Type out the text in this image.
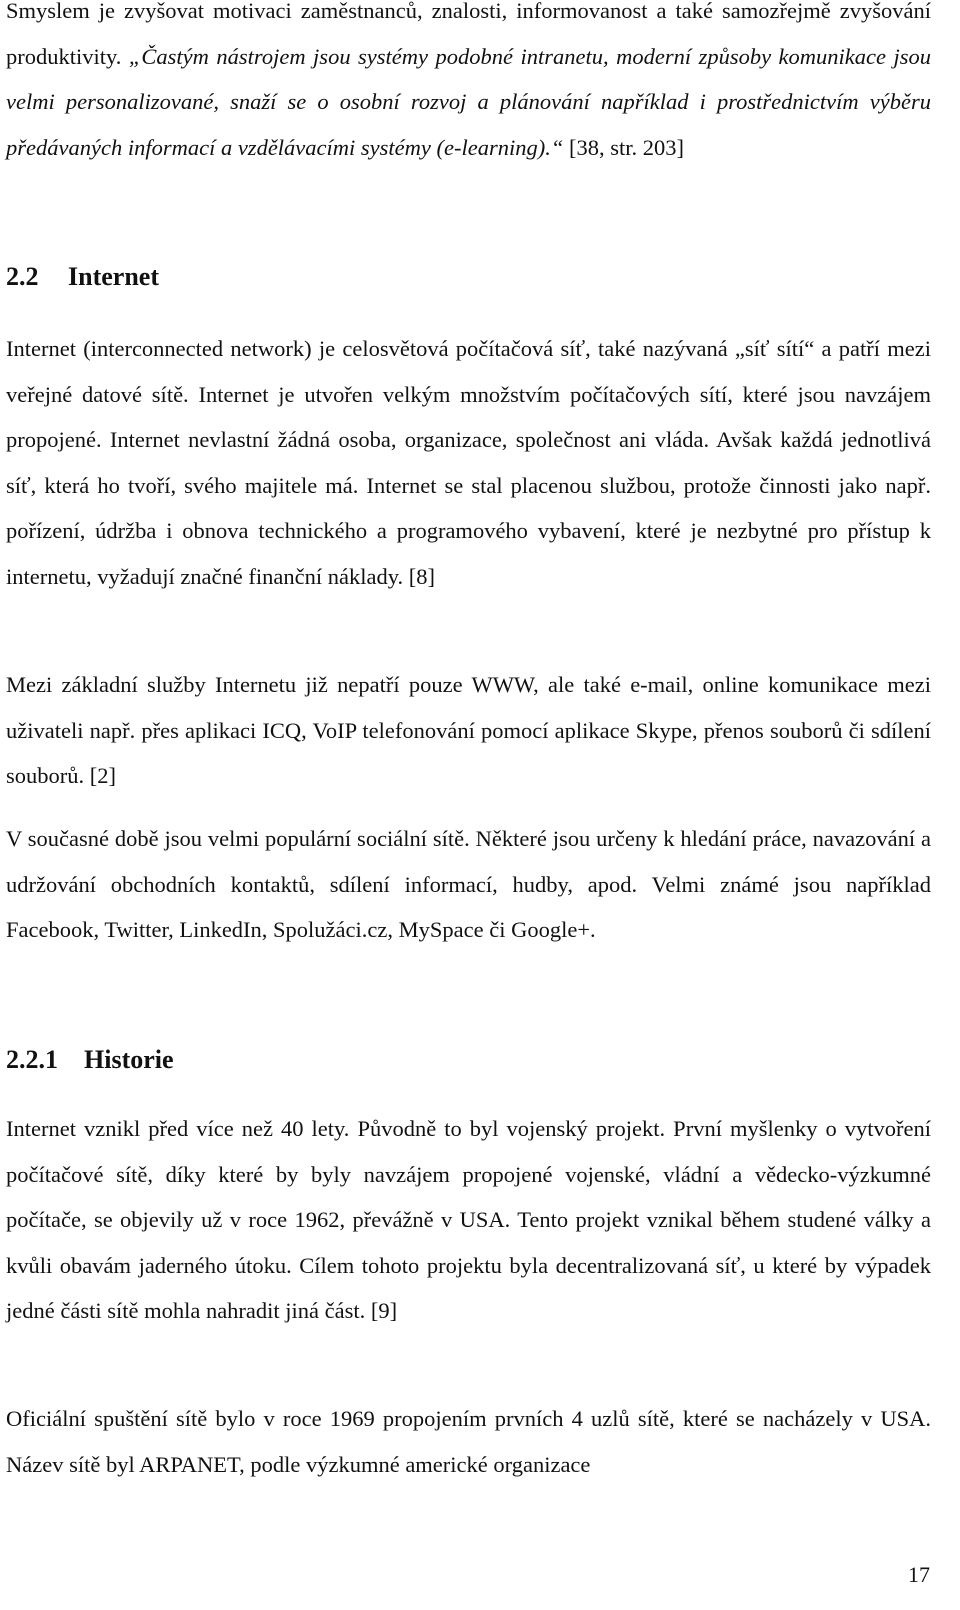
Smyslem je zvyšovat motivaci zaměstnanců, znalosti, informovanost a také samozřejmě zvyšování produktivity. „Častým nástrojem jsou systémy podobné intranetu, moderní způsoby komunikace jsou velmi personalizované, snaží se o osobní rozvoj a plánování například i prostřednictvím výběru předávaných informací a vzdělávacími systémy (e-learning).“ [38, str. 203]

2.2 Internet

Internet (interconnected network) je celosvětová počítačová síť, také nazývaná „síť sítí“ a patří mezi veřejné datové sítě. Internet je utvořen velkým množstvím počítačových sítí, které jsou navzájem propojené. Internet nevlastní žádná osoba, organizace, společnost ani vláda. Avšak každá jednotlivá síť, která ho tvoří, svého majitele má. Internet se stal placenou službou, protože činnosti jako např. pořízení, údržba i obnova technického a programového vybavení, které je nezbytné pro přístup k internetu, vyžadují značné finanční náklady. [8]

Mezi základní služby Internetu již nepatří pouze WWW, ale také e-mail, online komunikace mezi uživateli např. přes aplikaci ICQ, VoIP telefonování pomocí aplikace Skype, přenos souborů či sdílení souborů. [2]

V současné době jsou velmi populární sociální sítě. Některé jsou určeny k hledání práce, navazování a udržování obchodních kontaktů, sdílení informací, hudby, apod. Velmi známé jsou například Facebook, Twitter, LinkedIn, Spolužáci.cz, MySpace či Google+.

2.2.1 Historie

Internet vznikl před více než 40 lety. Původně to byl vojenský projekt. První myšlenky o vytvoření počítačové sítě, díky které by byly navzájem propojené vojenské, vládní a vědecko-výzkumné počítače, se objevily už v roce 1962, převážně v USA. Tento projekt vznikal během studené války a kvůli obavám jaderného útoku. Cílem tohoto projektu byla decentralizovaná síť, u které by výpadek jedné části sítě mohla nahradit jiná část. [9]

Oficiální spuštění sítě bylo v roce 1969 propojením prvních 4 uzlů sítě, které se nacházely v USA. Název sítě byl ARPANET, podle výzkumné americké organizace

17
